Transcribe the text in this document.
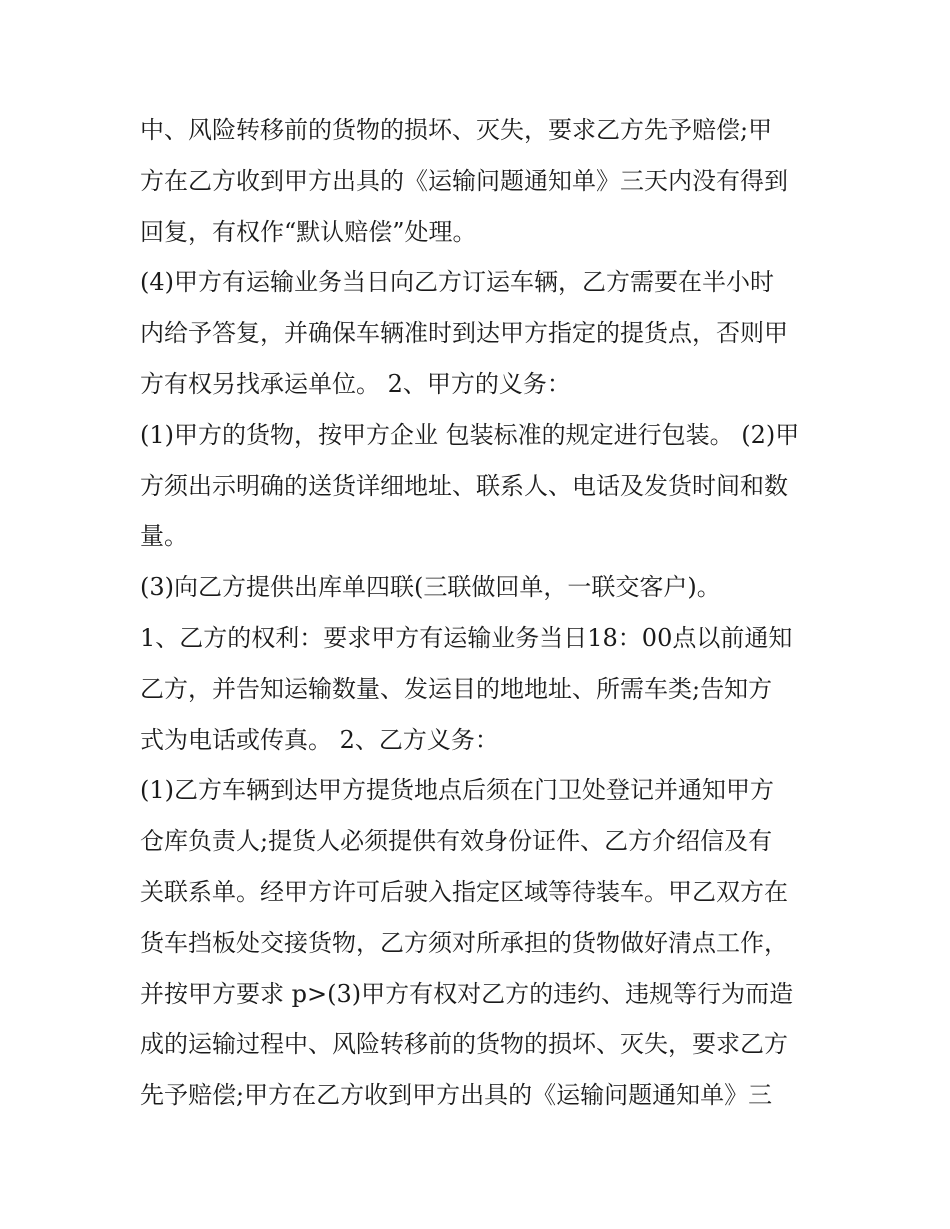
中、风险转移前的货物的损坏、灭失，要求乙方先予赔偿;甲
方在乙方收到甲方出具的《运输问题通知单》三天内没有得到
回复，有权作“默认赔偿”处理。
(4)甲方有运输业务当日向乙方订运车辆，乙方需要在半小时
内给予答复，并确保车辆准时到达甲方指定的提货点，否则甲
方有权另找承运单位。 2、甲方的义务：
(1)甲方的货物，按甲方企业 包装标准的规定进行包装。 (2)甲
方须出示明确的送货详细地址、联系人、电话及发货时间和数
量。
(3)向乙方提供出库单四联(三联做回单，一联交客户)。
1、乙方的权利：要求甲方有运输业务当日18：00点以前通知
乙方，并告知运输数量、发运目的地地址、所需车类;告知方
式为电话或传真。 2、乙方义务：
(1)乙方车辆到达甲方提货地点后须在门卫处登记并通知甲方
仓库负责人;提货人必须提供有效身份证件、乙方介绍信及有
关联系单。经甲方许可后驶入指定区域等待装车。甲乙双方在
货车挡板处交接货物，乙方须对所承担的货物做好清点工作，
并按甲方要求 p>(3)甲方有权对乙方的违约、违规等行为而造
成的运输过程中、风险转移前的货物的损坏、灭失，要求乙方
先予赔偿;甲方在乙方收到甲方出具的《运输问题通知单》三
